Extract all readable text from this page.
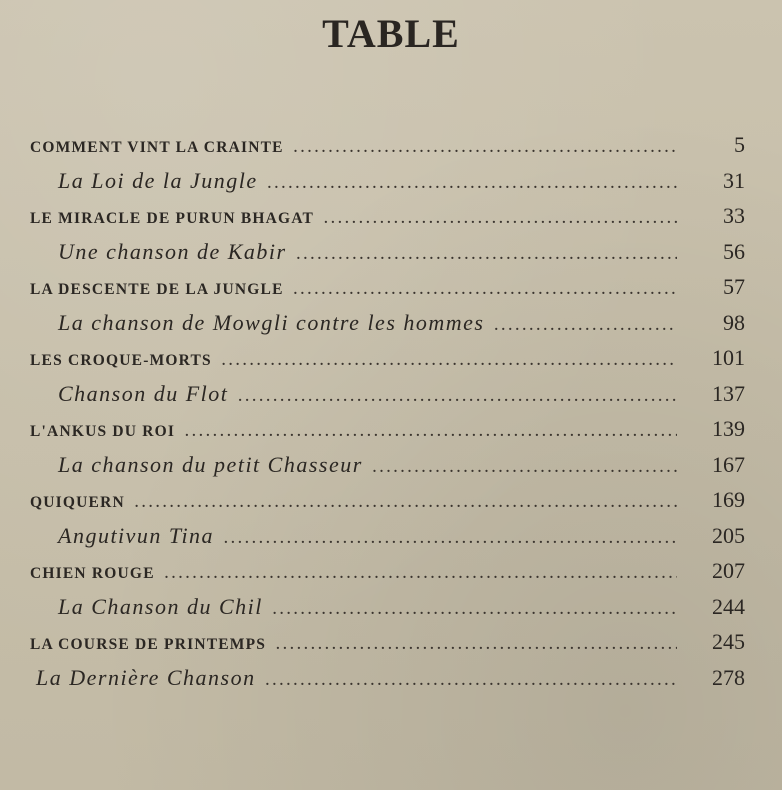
TABLE
COMMENT VINT LA CRAINTE . . .	5
La Loi de la Jungle . . .	31
LE MIRACLE DE PURUN BHAGAT . . .	33
Une chanson de Kabir . . .	56
LA DESCENTE DE LA JUNGLE . . .	57
La chanson de Mowgli contre les hommes . . .	98
LES CROQUE-MORTS . . .	101
Chanson du Flot . . .	137
L'ANKUS DU ROI . . .	139
La chanson du petit Chasseur . . .	167
QUIQUERN . . .	169
Angutivun Tina . . .	205
CHIEN ROUGE . . .	207
La Chanson du Chil . . .	244
LA COURSE DE PRINTEMPS . . .	245
La Dernière Chanson . . .	278
